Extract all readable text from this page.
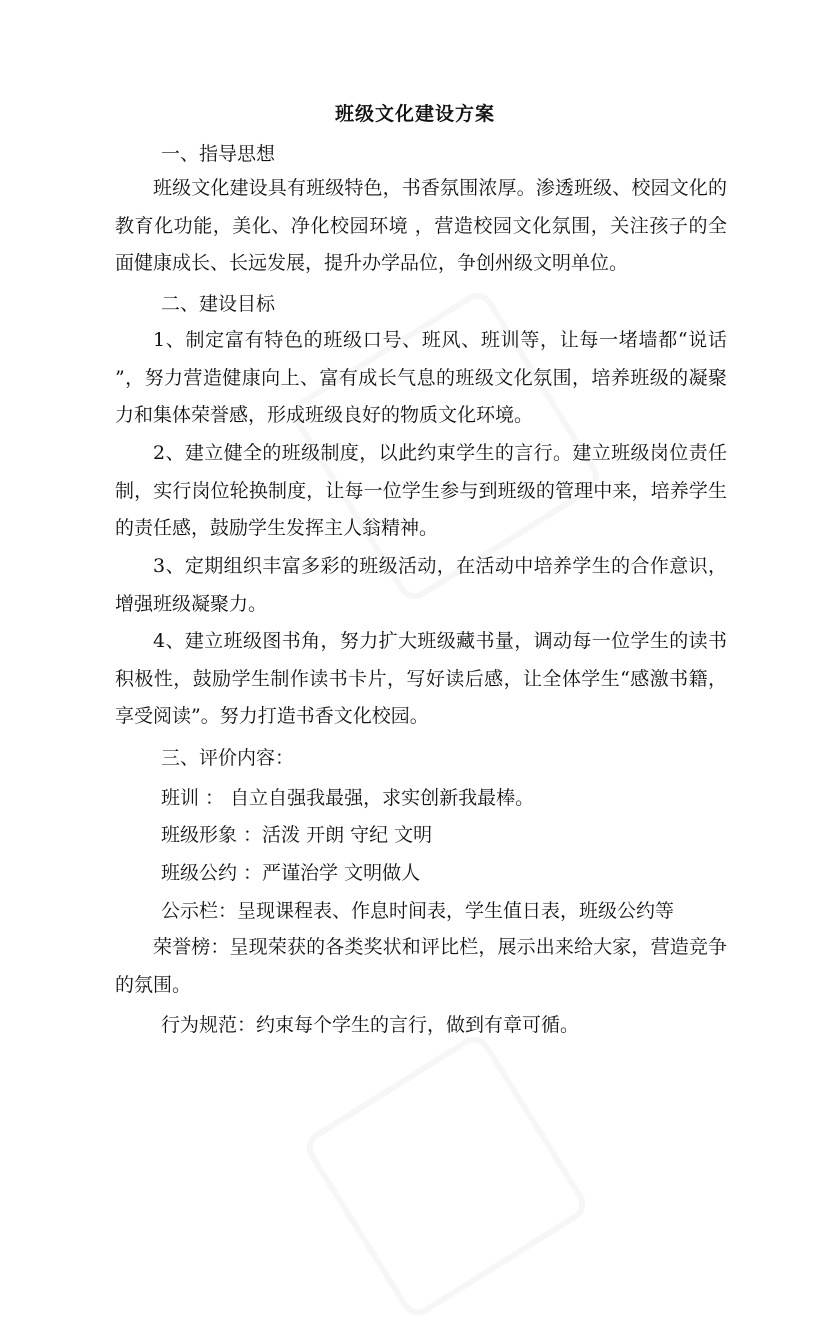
班级文化建设方案
一、指导思想
班级文化建设具有班级特色，书香氛围浓厚。渗透班级、校园文化的教育化功能，美化、净化校园环境 ，营造校园文化氛围，关注孩子的全面健康成长、长远发展，提升办学品位，争创州级文明单位。
二、建设目标
1、制定富有特色的班级口号、班风、班训等，让每一堵墙都“说话 ”，努力营造健康向上、富有成长气息的班级文化氛围，培养班级的凝聚力和集体荣誉感，形成班级良好的物质文化环境。
2、建立健全的班级制度，以此约束学生的言行。建立班级岗位责任制，实行岗位轮换制度，让每一位学生参与到班级的管理中来，培养学生的责任感，鼓励学生发挥主人翁精神。
3、定期组织丰富多彩的班级活动，在活动中培养学生的合作意识，增强班级凝聚力。
4、建立班级图书角，努力扩大班级藏书量，调动每一位学生的读书积极性，鼓励学生制作读书卡片，写好读后感，让全体学生“感激书籍，享受阅读”。努力打造书香文化校园。
三、评价内容：
班训 ： 自立自强我最强，求实创新我最棒。
班级形象 ：活泼 开朗 守纪 文明
班级公约 ：严谨治学 文明做人
公示栏：呈现课程表、作息时间表，学生值日表，班级公约等
荣誉榜：呈现荣获的各类奖状和评比栏，展示出来给大家，营造竞争的氛围。
行为规范：约束每个学生的言行，做到有章可循。
